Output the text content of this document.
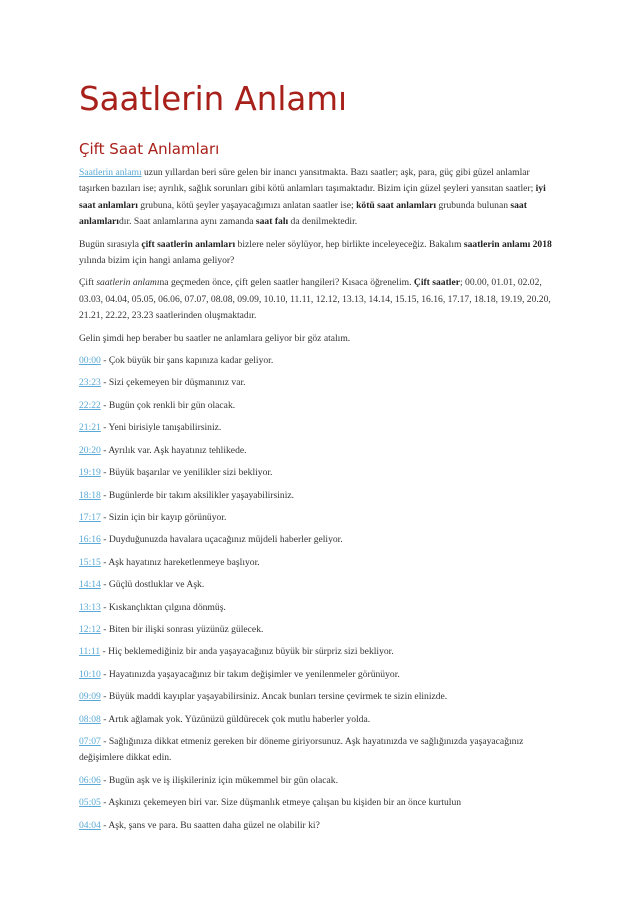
Saatlerin Anlamı
Çift Saat Anlamları

Saatlerin anlamı uzun yıllardan beri süre gelen bir inancı yansıtmakta. Bazı saatler; aşk, para, güç gibi güzel anlamlar taşırken bazıları ise; ayrılık, sağlık sorunları gibi kötü anlamları taşımaktadır. Bizim için güzel şeyleri yansıtan saatler; iyi saat anlamları grubuna, kötü şeyler yaşayacağımızı anlatan saatler ise; kötü saat anlamları grubunda bulunan saat anlamlarıdır. Saat anlamlarına aynı zamanda saat falı da denilmektedir.

Bugün sırasıyla çift saatlerin anlamları bizlere neler söylüyor, hep birlikte inceleyeceğiz. Bakalım saatlerin anlamı 2018 yılında bizim için hangi anlama geliyor?

Çift saatlerin anlamına geçmeden önce, çift gelen saatler hangileri? Kısaca öğrenelim. Çift saatler; 00.00, 01.01, 02.02, 03.03, 04.04, 05.05, 06.06, 07.07, 08.08, 09.09, 10.10, 11.11, 12.12, 13.13, 14.14, 15.15, 16.16, 17.17, 18.18, 19.19, 20.20, 21.21, 22.22, 23.23 saatlerinden oluşmaktadır.

Gelin şimdi hep beraber bu saatler ne anlamlara geliyor bir göz atalım.

00:00 - Çok büyük bir şans kapınıza kadar geliyor.

23:23 - Sizi çekemeyen bir düşmanınız var.

22:22 - Bugün çok renkli bir gün olacak.

21:21 - Yeni birisiyle tanışabilirsiniz.

20:20 - Ayrılık var. Aşk hayatınız tehlikede.

19:19 - Büyük başarılar ve yenilikler sizi bekliyor.

18:18 - Bugünlerde bir takım aksilikler yaşayabilirsiniz.

17:17 - Sizin için bir kayıp görünüyor.

16:16 - Duyduğunuzda havalara uçacağınız müjdeli haberler geliyor.

15:15 - Aşk hayatınız hareketlenmeye başlıyor.

14:14 - Güçlü dostluklar ve Aşk.

13:13 - Kıskançlıktan çılgına dönmüş.

12:12 - Biten bir ilişki sonrası yüzünüz gülecek.

11:11 - Hiç beklemediğiniz bir anda yaşayacağınız büyük bir sürpriz sizi bekliyor.

10:10 - Hayatınızda yaşayacağınız bir takım değişimler ve yenilenmeler görünüyor.

09:09 - Büyük maddi kayıplar yaşayabilirsiniz. Ancak bunları tersine çevirmek te sizin elinizde.

08:08 - Artık ağlamak yok. Yüzünüzü güldürecek çok mutlu haberler yolda.

07:07 - Sağlığınıza dikkat etmeniz gereken bir döneme giriyorsunuz. Aşk hayatınızda ve sağlığınızda yaşayacağınız değişimlere dikkat edin.

06:06 - Bugün aşk ve iş ilişkileriniz için mükemmel bir gün olacak.

05:05 - Aşkınızı çekemeyen biri var. Size düşmanlık etmeye çalışan bu kişiden bir an önce kurtulun

04:04 - Aşk, şans ve para. Bu saatten daha güzel ne olabilir ki?
